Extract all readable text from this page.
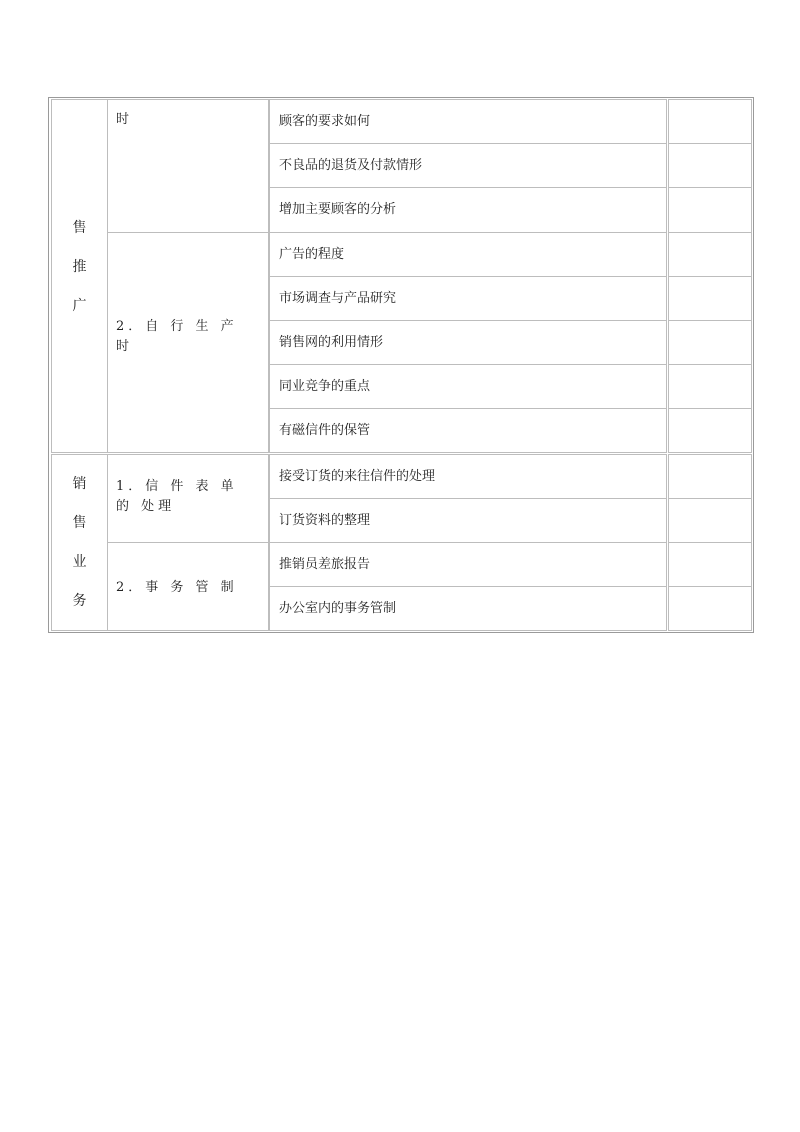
售
推
广
时
2．自 行 生 产 时
顾客的要求如何
不良品的退货及付款情形
增加主要顾客的分析
广告的程度
市场调查与产品研究
销售网的利用情形
同业竞争的重点
有磁信件的保管
销
售
业
务
1．信 件 表 单 的 处理
2．事 务 管 制
接受订货的来往信件的处理
订货资料的整理
推销员差旅报告
办公室内的事务管制
